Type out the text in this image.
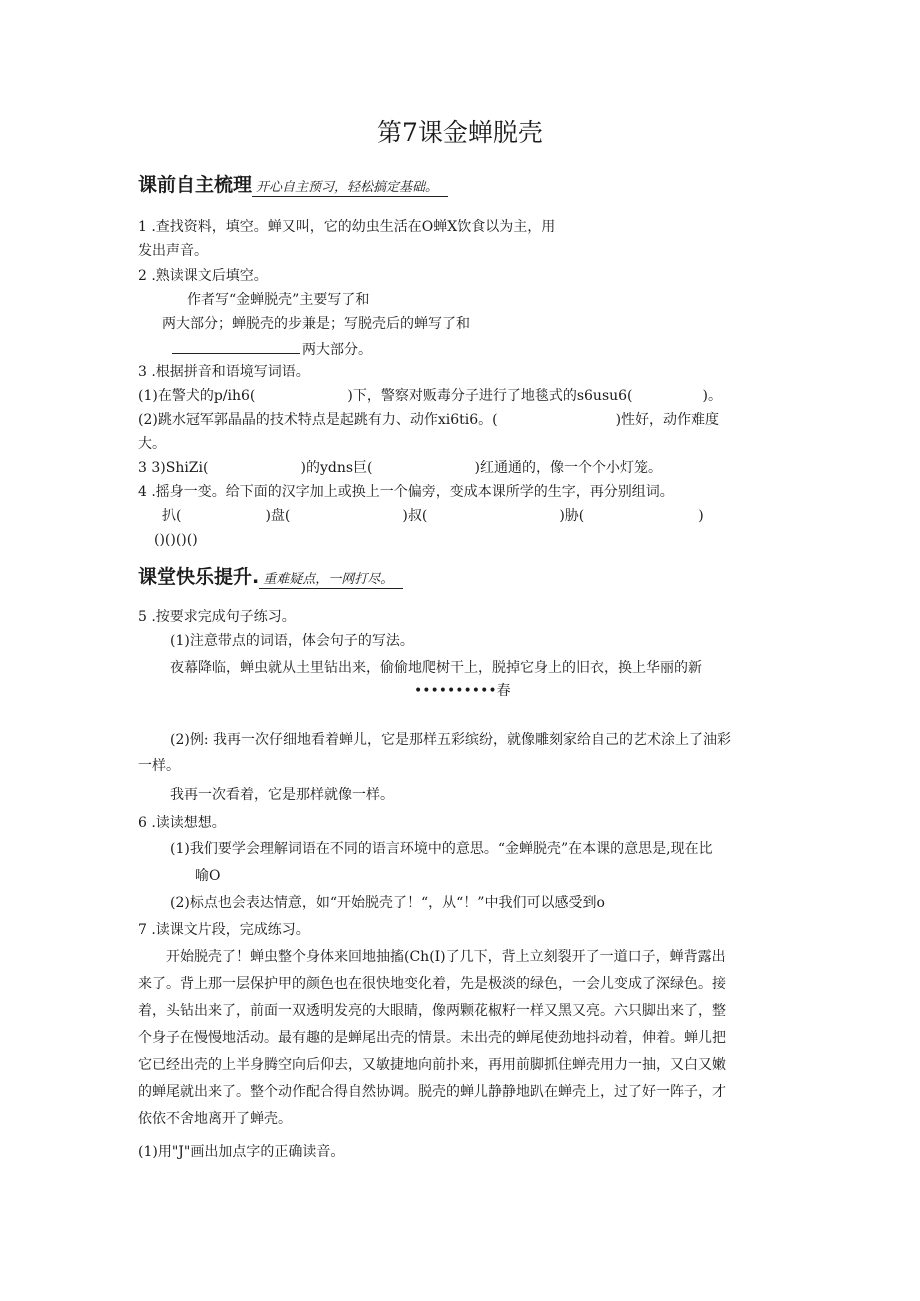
第7课金蝉脱壳
课前自主梳理 开心自主预习，轻松搞定基础。
1 .查找资料，填空。蝉又叫，它的幼虫生活在O蝉X饮食以为主，用
发出声音。
2 .熟读课文后填空。
作者写“金蝉脱壳”主要写了和
两大部分；蝉脱壳的步兼是；写脱壳后的蝉写了和
两大部分。
3 .根据拼音和语境写词语。
(1)在警犬的p/ih6(	)下，警察对贩毒分子进行了地毯式的s6usu6(	)。
(2)跳水冠军郭晶晶的技术特点是起跳有力、动作xi6ti6。(	)性好，动作难度
大。
3 3)ShiZi(	)的ydns巨(	)红通通的，像一个个小灯笼。
4 .摇身一变。给下面的汉字加上或换上一个偏旁，变成本课所学的生字，再分别组词。
扒(	)盘(	)叔(	)胁(	)
()()()()
课堂快乐提升. 重难疑点，一网打尽。
5 .按要求完成句子练习。
(1)注意带点的词语，体会句子的写法。
夜幕降临，蝉虫就从土里钻出来，偷偷地爬树干上，脱掉它身上的旧衣，换上华丽的新
••••••••••春
(2)例: 我再一次仔细地看着蝉儿，它是那样五彩缤纷，就像雕刻家给自己的艺术涂上了油彩
一样。
我再一次看着，它是那样就像一样。
6 .读读想想。
(1)我们要学会理解词语在不同的语言环境中的意思。“金蝉脱壳”在本课的意思是,现在比
喻O
(2)标点也会表达情意，如“开始脱壳了！“，从“！”中我们可以感受到o
7 .读课文片段，完成练习。
开始脱壳了！蝉虫整个身体来回地抽搐(Ch(I)了几下，背上立刻裂开了一道口子，蝉背露出
来了。背上那一层保护甲的颜色也在很快地变化着，先是极淡的绿色，一会儿变成了深绿色。接
着，头钻出来了，前面一双透明发亮的大眼睛，像两颗花椒籽一样又黑又亮。六只脚出来了，整
个身子在慢慢地活动。最有趣的是蝉尾出壳的情景。未出壳的蝉尾使劲地抖动着，伸着。蝉儿把
它已经出壳的上半身腾空向后仰去，又敏捷地向前扑来，再用前脚抓住蝉壳用力一抽，又白又嫩
的蝉尾就出来了。整个动作配合得自然协调。脱壳的蝉儿静静地趴在蝉壳上，过了好一阵子，才
依依不舍地离开了蝉壳。
(1)用"J"画出加点字的正确读音。
